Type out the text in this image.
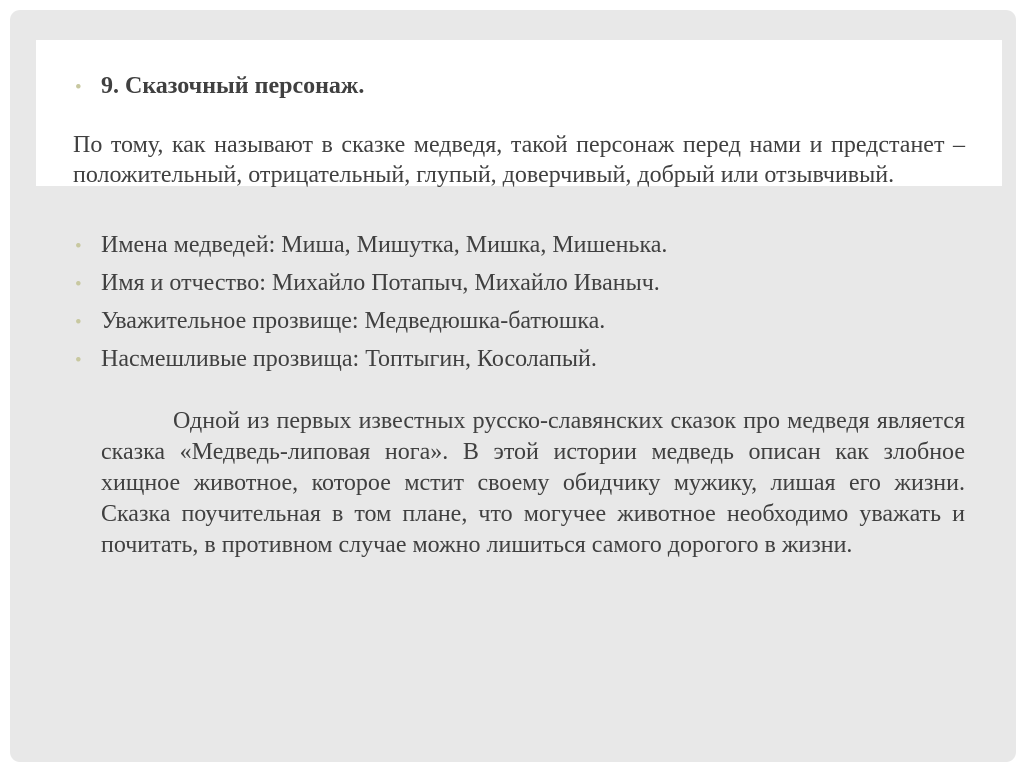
• 9. Сказочный персонаж.
По тому, как называют в сказке медведя, такой персонаж перед нами и предстанет – положительный, отрицательный, глупый, доверчивый, добрый или отзывчивый.
• Имена медведей: Миша, Мишутка, Мишка, Мишенька.
• Имя и отчество: Михайло Потапыч, Михайло Иваныч.
• Уважительное прозвище: Медведюшка-батюшка.
• Насмешливые прозвища: Топтыгин, Косолапый.
Одной из первых известных русско-славянских сказок про медведя является сказка «Медведь-липовая нога». В этой истории медведь описан как злобное хищное животное, которое мстит своему обидчику мужику, лишая его жизни. Сказка поучительная в том плане, что могучее животное необходимо уважать и почитать, в противном случае можно лишиться самого дорогого в жизни.
